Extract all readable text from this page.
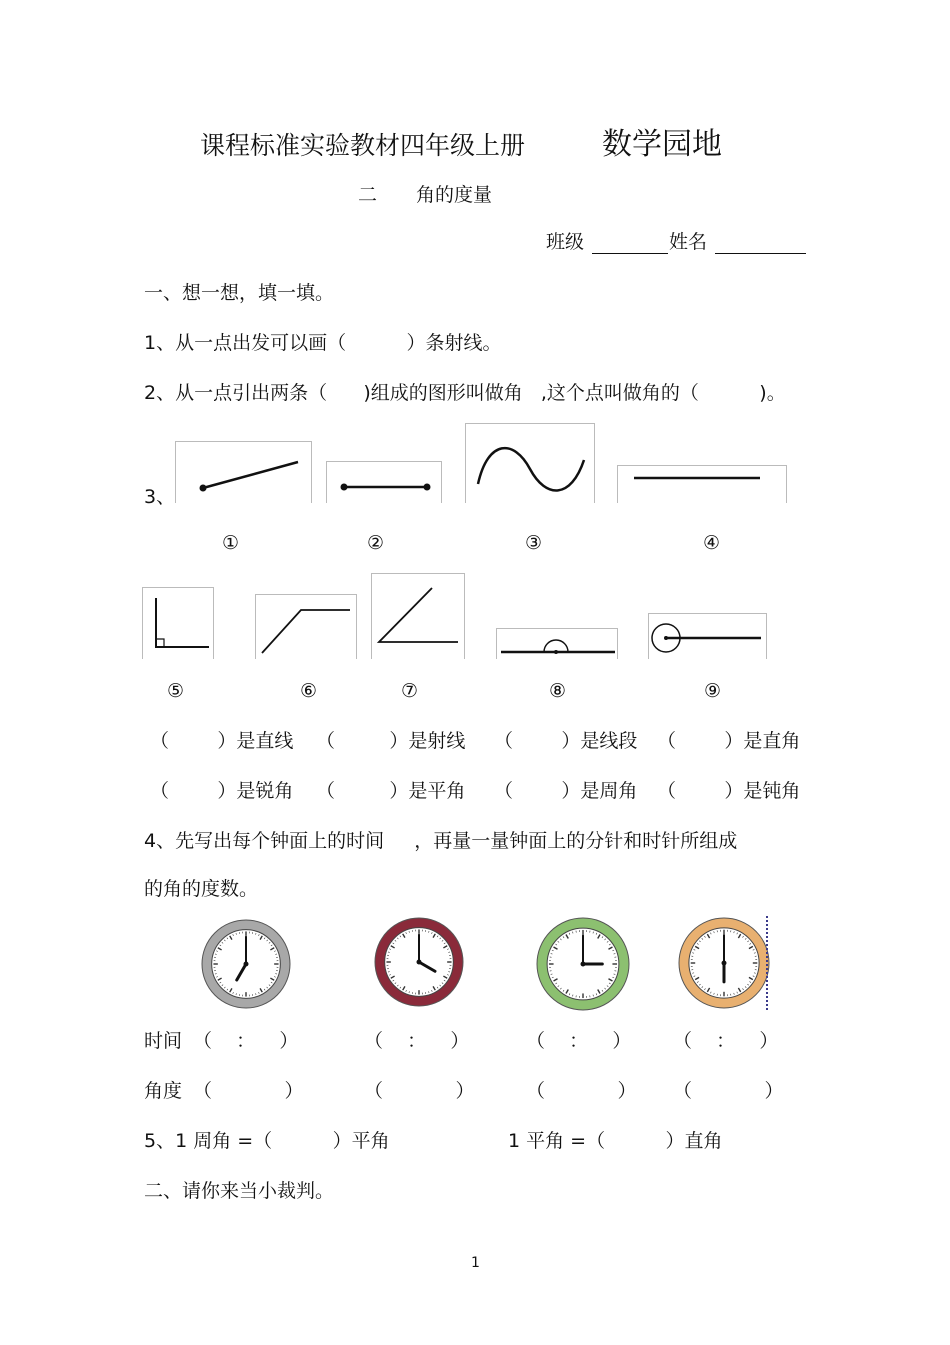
课程标准实验教材四年级上册	数学园地
二 角的度量
班级	姓名
一、想一想，填一填。
1、从一点出发可以画（          ）条射线。
2、从一点引出两条（      )组成的图形叫做角   ,这个点叫做角的（          )。
3、
①	②	③	④
⑤	⑥	⑦	⑧	⑨
（        ）是直线 （         ）是射线 （        ）是线段 （        ）是直角
（        ）是锐角 （         ）是平角 （        ）是周角 （        ）是钝角
4、先写出每个钟面上的时间     ，再量一量钟面上的分针和时针所组成
的角的度数。
时间 （    ：    ）	（    ：    ）	（    ：    ） （    ：    ）
角度 （            ）	（            ）	（            ） （            ）
5、1 周角 =（          ）平角	1 平角 =（          ）直角
二、请你来当小裁判。
1
